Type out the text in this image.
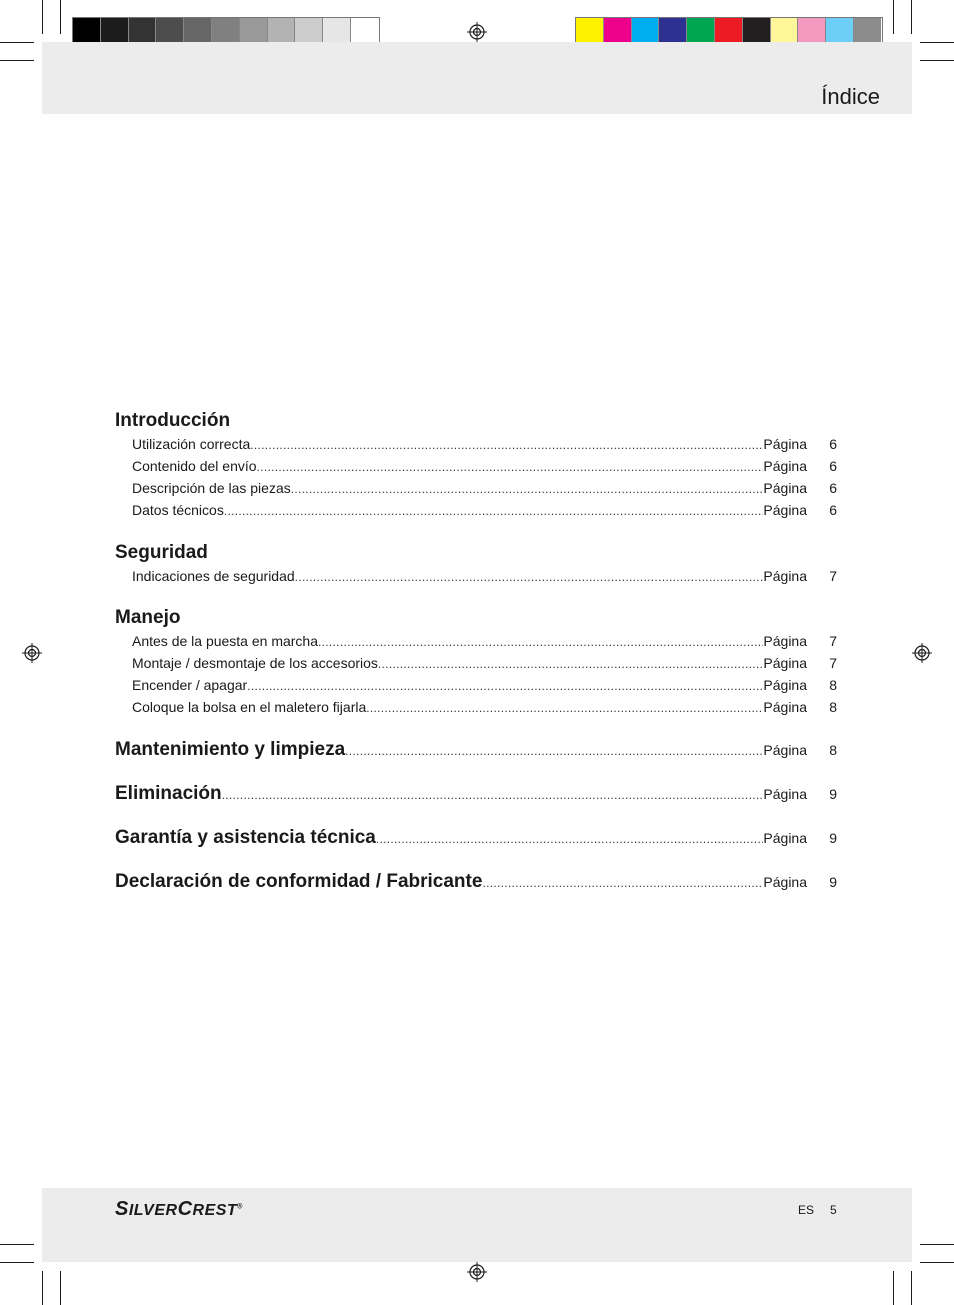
Índice
Introducción
Utilización correcta .....	Página	6
Contenido del envío .....	Página	6
Descripción de las piezas .....	Página	6
Datos técnicos .....	Página	6
Seguridad
Indicaciones de seguridad .....	Página	7
Manejo
Antes de la puesta en marcha .....	Página	7
Montaje / desmontaje de los accesorios .....	Página	7
Encender / apagar .....	Página	8
Coloque la bolsa en el maletero fijarla .....	Página	8
Mantenimiento y limpieza .....	Página	8
Eliminación .....	Página	9
Garantía y asistencia técnica .....	Página	9
Declaración de conformidad / Fabricante .....	Página	9
SILVERCREST®	ES 5
